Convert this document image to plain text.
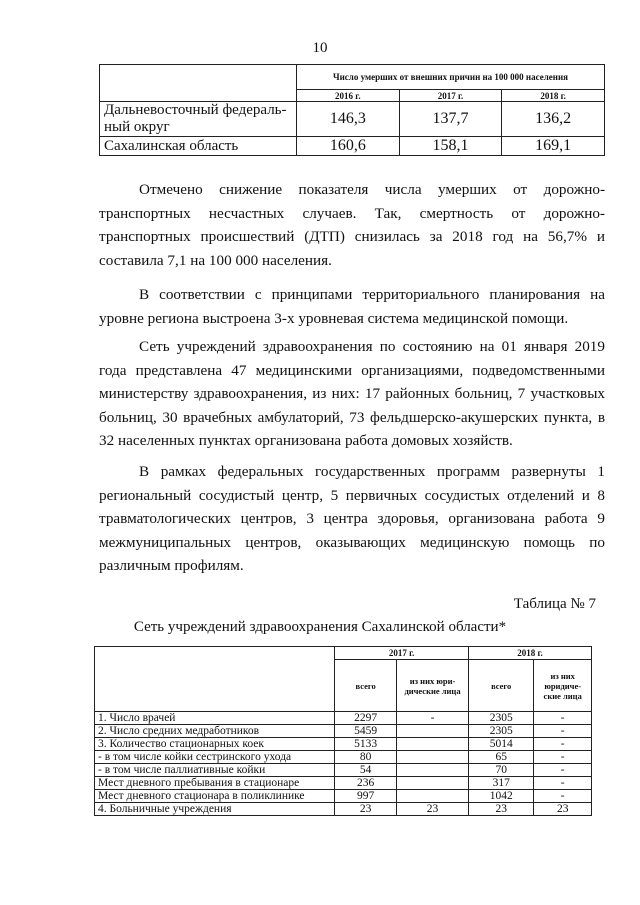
10
	Число умерших от внешних причин на 100 000 населения		
	2016 г.	2017 г.	2018 г.
Дальневосточный федераль-ный округ	146,3	137,7	136,2
Сахалинская область	160,6	158,1	169,1

Отмечено снижение показателя числа умерших от дорожно-транспортных несчастных случаев. Так, смертность от дорожно-транспортных происшествий (ДТП) снизилась за 2018 год на 56,7% и составила 7,1 на 100 000 населения.

В соответствии с принципами территориального планирования на уровне региона выстроена 3-х уровневая система медицинской помощи.

Сеть учреждений здравоохранения по состоянию на 01 января 2019 года представлена 47 медицинскими организациями, подведомственными министерству здравоохранения, из них: 17 районных больниц, 7 участковых больниц, 30 врачебных амбулаторий, 73 фельдшерско-акушерских пункта, в 32 населенных пунктах организована работа домовых хозяйств.

В рамках федеральных государственных программ развернуты 1 региональный сосудистый центр, 5 первичных сосудистых отделений и 8 травматологических центров, 3 центра здоровья, организована работа 9 межмуниципальных центров, оказывающих медицинскую помощь по различным профилям.

Таблица № 7
Сеть учреждений здравоохранения Сахалинской области*
	2017 г.		2018 г.	
	всего	из них юри-дические лица	всего	из них юридиче-ские лица
1. Число врачей	2297	-	2305	-
2. Число средних медработников	5459		2305	-
3. Количество стационарных коек	5133		5014	-
- в том числе койки сестринского ухода	80		65	-
- в том числе паллиативные койки	54		70	-
Мест дневного пребывания в стационаре	236		317	-
Мест дневного стационара в поликлинике	997		1042	-
4. Больничные учреждения	23	23	23	23
